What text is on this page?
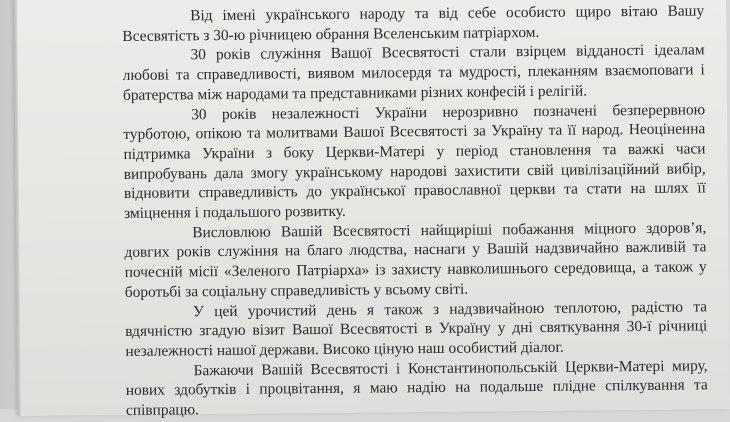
Від імені українського народу та від себе особисто щиро вітаю Вашу Всесвятість з 30-ю річницею обрання Вселенським патріархом.

30 років служіння Вашої Всесвятості стали взірцем відданості ідеалам любові та справедливості, виявом милосердя та мудрості, плеканням взаємоповаги і братерства між народами та представниками різних конфесій і релігій.

30 років незалежності України нерозривно позначені безперервною турботою, опікою та молитвами Вашої Всесвятості за Україну та її народ. Неоціненна підтримка України з боку Церкви-Матері у період становлення та важкі часи випробувань дала змогу українському народові захистити свій цивілізаційний вибір, відновити справедливість до української православної церкви та стати на шлях її зміцнення і подальшого розвитку.

Висловлюю Вашій Всесвятості найщиріші побажання міцного здоров’я, довгих років служіння на благо людства, наснаги у Вашій надзвичайно важливій та почесній місії «Зеленого Патріарха» із захисту навколишнього середовища, а також у боротьбі за соціальну справедливість у всьому світі.

У цей урочистий день я також з надзвичайною теплотою, радістю та вдячністю згадую візит Вашої Всесвятості в Україну у дні святкування 30-ї річниці незалежності нашої держави. Високо ціную наш особистий діалог.

Бажаючи Вашій Всесвятості і Константинопольській Церкви-Матері миру, нових здобутків і процвітання, я маю надію на подальше плідне спілкування та співпрацю.
